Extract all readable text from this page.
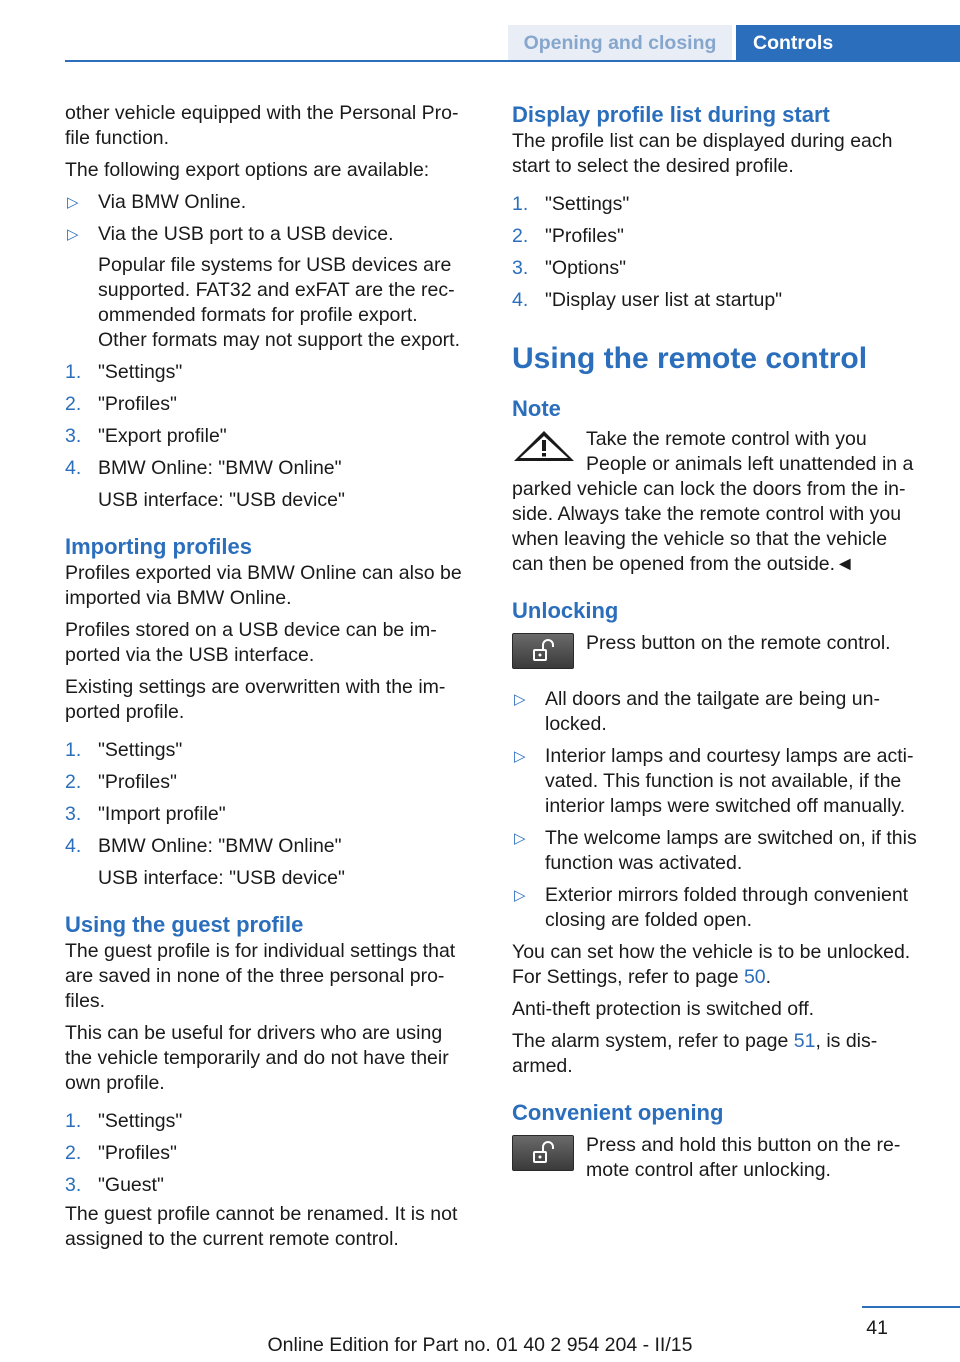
Opening and closing	Controls

other vehicle equipped with the Personal Pro-
file function.

The following export options are available:

▷ Via BMW Online.
▷ Via the USB port to a USB device.
Popular file systems for USB devices are
supported. FAT32 and exFAT are the rec-
ommended formats for profile export.
Other formats may not support the export.
1. "Settings"
2. "Profiles"
3. "Export profile"
4. BMW Online: "BMW Online"
USB interface: "USB device"
Importing profiles

Profiles exported via BMW Online can also be
imported via BMW Online.

Profiles stored on a USB device can be im-
ported via the USB interface.

Existing settings are overwritten with the im-
ported profile.

1. "Settings"
2. "Profiles"
3. "Import profile"
4. BMW Online: "BMW Online"
USB interface: "USB device"
Using the guest profile

The guest profile is for individual settings that
are saved in none of the three personal pro-
files.

This can be useful for drivers who are using
the vehicle temporarily and do not have their
own profile.

1. "Settings"
2. "Profiles"
3. "Guest"

The guest profile cannot be renamed. It is not
assigned to the current remote control.

Display profile list during start

The profile list can be displayed during each
start to select the desired profile.

1. "Settings"
2. "Profiles"
3. "Options"
4. "Display user list at startup"
Using the remote control
Note
Take the remote control with you
People or animals left unattended in a

parked vehicle can lock the doors from the in-
side. Always take the remote control with you
when leaving the vehicle so that the vehicle
can then be opened from the outside.◄

Unlocking
Press button on the remote control.
▷ All doors and the tailgate are being un-
locked.
▷ Interior lamps and courtesy lamps are acti-
vated. This function is not available, if the
interior lamps were switched off manually.
▷ The welcome lamps are switched on, if this
function was activated.
▷ Exterior mirrors folded through convenient
closing are folded open.

You can set how the vehicle is to be unlocked.
For Settings, refer to page 50.

Anti-theft protection is switched off.

The alarm system, refer to page 51, is dis-
armed.

Convenient opening
Press and hold this button on the re-
mote control after unlocking.
41
Online Edition for Part no. 01 40 2 954 204 - II/15
